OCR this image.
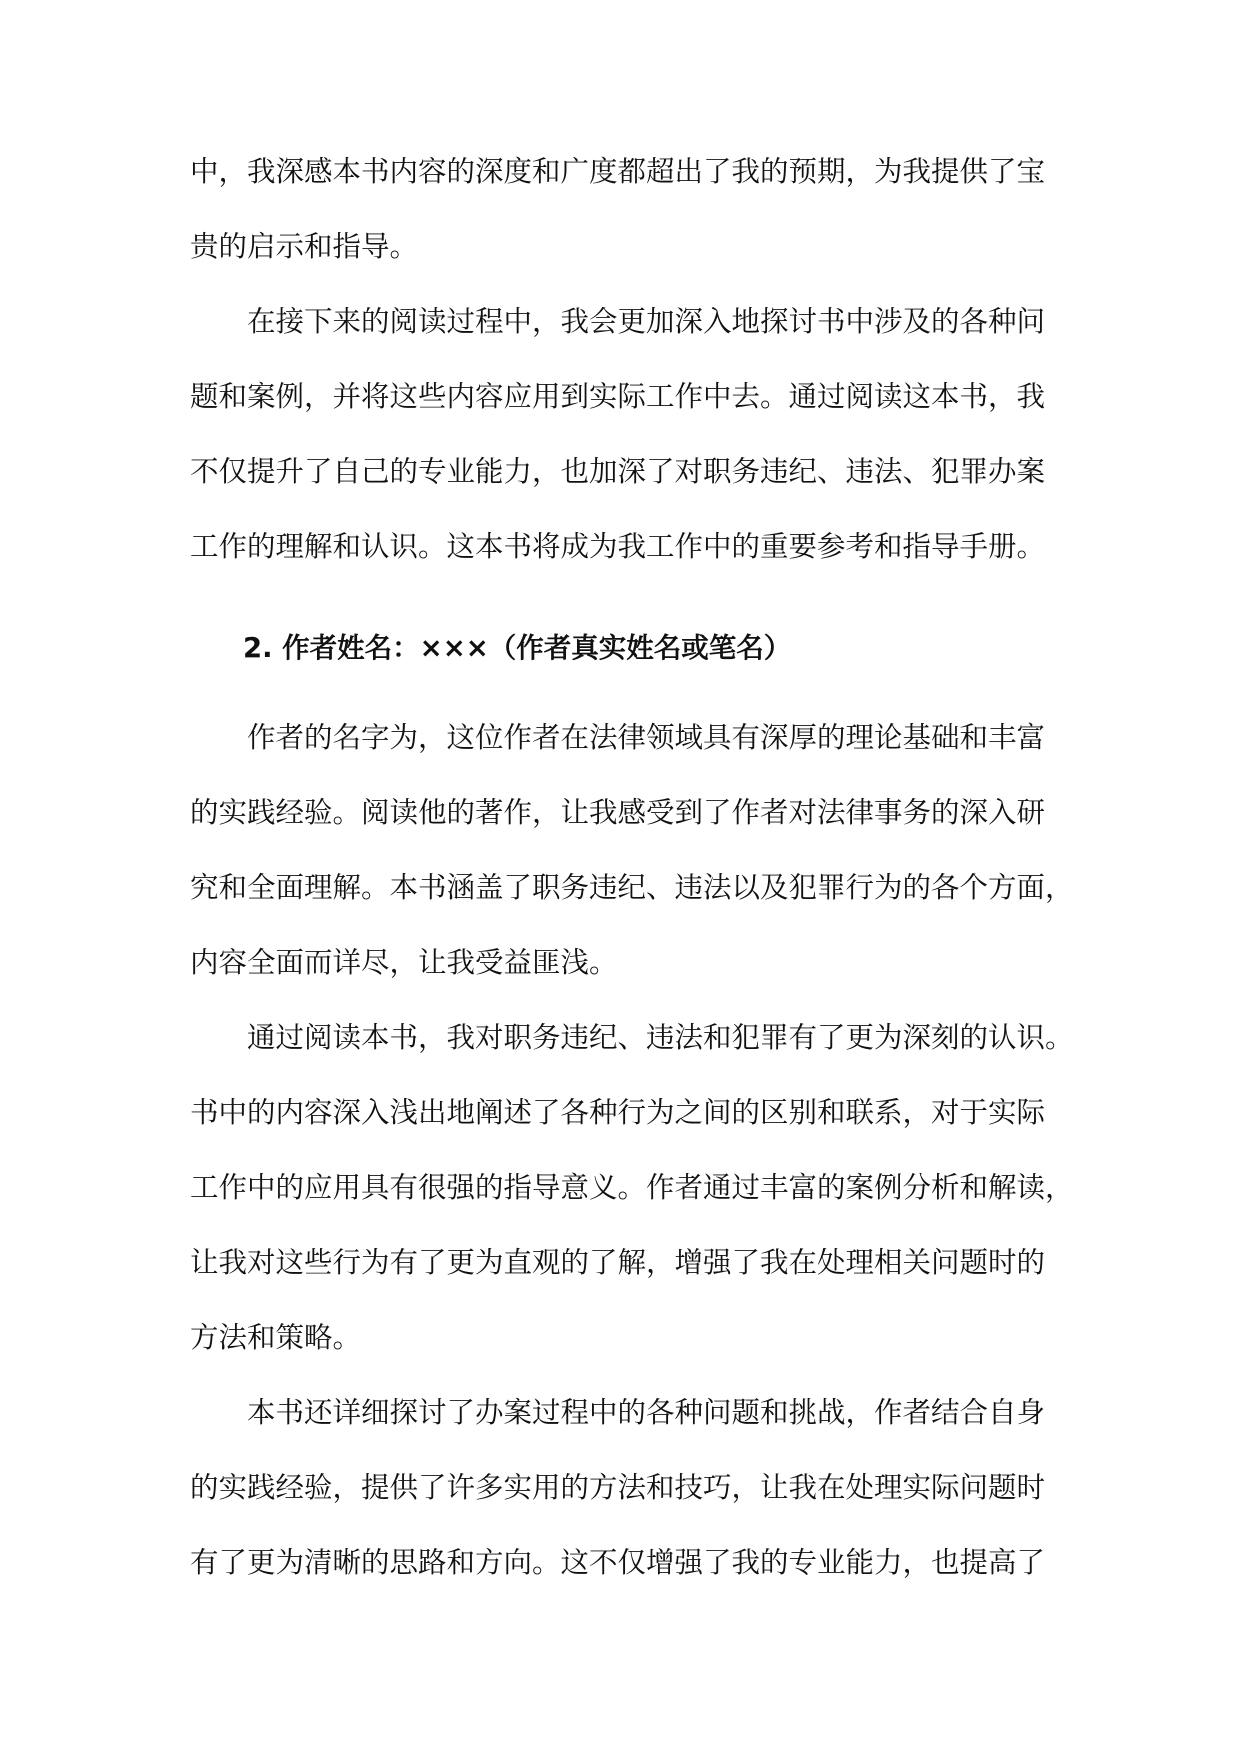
中，我深感本书内容的深度和广度都超出了我的预期，为我提供了宝

贵的启示和指导。

在接下来的阅读过程中，我会更加深入地探讨书中涉及的各种问

题和案例，并将这些内容应用到实际工作中去。通过阅读这本书，我

不仅提升了自己的专业能力，也加深了对职务违纪、违法、犯罪办案

工作的理解和认识。这本书将成为我工作中的重要参考和指导手册。

2. 作者姓名：×××（作者真实姓名或笔名）

作者的名字为，这位作者在法律领域具有深厚的理论基础和丰富

的实践经验。阅读他的著作，让我感受到了作者对法律事务的深入研

究和全面理解。本书涵盖了职务违纪、违法以及犯罪行为的各个方面，

内容全面而详尽，让我受益匪浅。

通过阅读本书，我对职务违纪、违法和犯罪有了更为深刻的认识。

书中的内容深入浅出地阐述了各种行为之间的区别和联系，对于实际

工作中的应用具有很强的指导意义。作者通过丰富的案例分析和解读，

让我对这些行为有了更为直观的了解，增强了我在处理相关问题时的

方法和策略。

本书还详细探讨了办案过程中的各种问题和挑战，作者结合自身

的实践经验，提供了许多实用的方法和技巧，让我在处理实际问题时

有了更为清晰的思路和方向。这不仅增强了我的专业能力，也提高了
